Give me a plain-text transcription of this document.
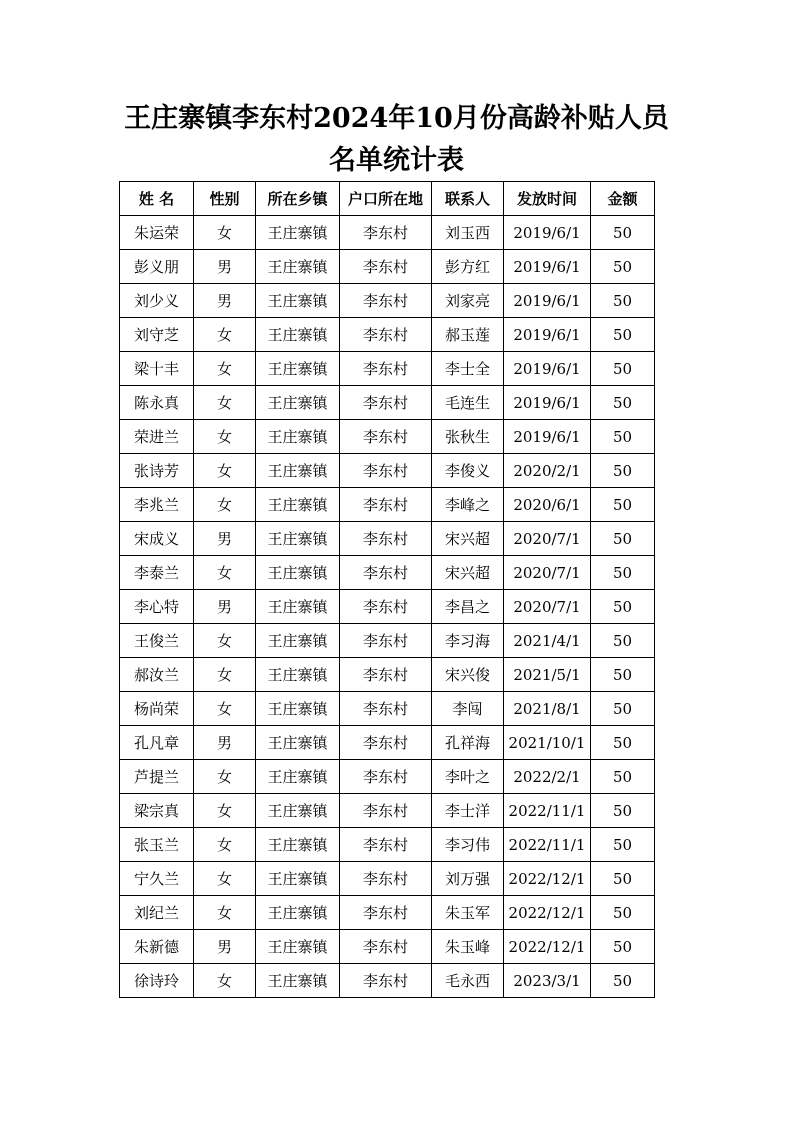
王庄寨镇李东村2024年10月份高龄补贴人员
名单统计表
姓 名	性别	所在乡镇	户口所在地	联系人	发放时间	金额
朱运荣	女	王庄寨镇	李东村	刘玉西	2019/6/1	50
彭义朋	男	王庄寨镇	李东村	彭方红	2019/6/1	50
刘少义	男	王庄寨镇	李东村	刘家亮	2019/6/1	50
刘守芝	女	王庄寨镇	李东村	郝玉莲	2019/6/1	50
梁十丰	女	王庄寨镇	李东村	李士全	2019/6/1	50
陈永真	女	王庄寨镇	李东村	毛连生	2019/6/1	50
荣进兰	女	王庄寨镇	李东村	张秋生	2019/6/1	50
张诗芳	女	王庄寨镇	李东村	李俊义	2020/2/1	50
李兆兰	女	王庄寨镇	李东村	李峰之	2020/6/1	50
宋成义	男	王庄寨镇	李东村	宋兴超	2020/7/1	50
李泰兰	女	王庄寨镇	李东村	宋兴超	2020/7/1	50
李心特	男	王庄寨镇	李东村	李昌之	2020/7/1	50
王俊兰	女	王庄寨镇	李东村	李习海	2021/4/1	50
郝汝兰	女	王庄寨镇	李东村	宋兴俊	2021/5/1	50
杨尚荣	女	王庄寨镇	李东村	李闯	2021/8/1	50
孔凡章	男	王庄寨镇	李东村	孔祥海	2021/10/1	50
芦提兰	女	王庄寨镇	李东村	李叶之	2022/2/1	50
梁宗真	女	王庄寨镇	李东村	李士洋	2022/11/1	50
张玉兰	女	王庄寨镇	李东村	李习伟	2022/11/1	50
宁久兰	女	王庄寨镇	李东村	刘万强	2022/12/1	50
刘纪兰	女	王庄寨镇	李东村	朱玉军	2022/12/1	50
朱新德	男	王庄寨镇	李东村	朱玉峰	2022/12/1	50
徐诗玲	女	王庄寨镇	李东村	毛永西	2023/3/1	50
